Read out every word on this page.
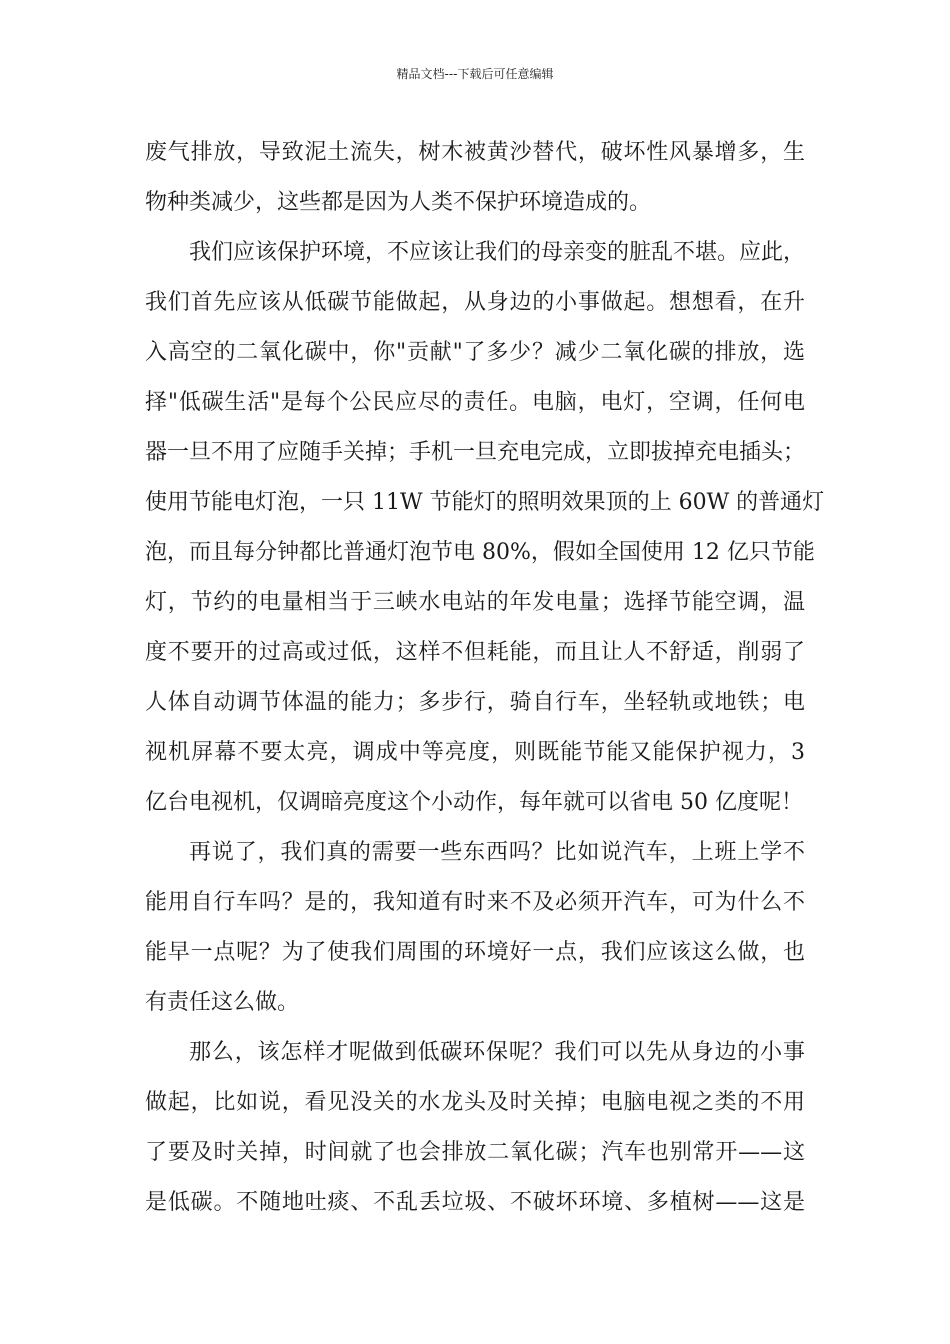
精品文档---下载后可任意编辑
废气排放，导致泥土流失，树木被黄沙替代，破坏性风暴增多，生
物种类减少，这些都是因为人类不保护环境造成的。
我们应该保护环境，不应该让我们的母亲变的脏乱不堪。应此，
我们首先应该从低碳节能做起，从身边的小事做起。想想看，在升
入高空的二氧化碳中，你"贡献"了多少？减少二氧化碳的排放，选
择"低碳生活"是每个公民应尽的责任。电脑，电灯，空调，任何电
器一旦不用了应随手关掉；手机一旦充电完成，立即拔掉充电插头；
使用节能电灯泡，一只 11W 节能灯的照明效果顶的上 60W 的普通灯
泡，而且每分钟都比普通灯泡节电 80%，假如全国使用 12 亿只节能
灯，节约的电量相当于三峡水电站的年发电量；选择节能空调，温
度不要开的过高或过低，这样不但耗能，而且让人不舒适，削弱了
人体自动调节体温的能力；多步行，骑自行车，坐轻轨或地铁；电
视机屏幕不要太亮，调成中等亮度，则既能节能又能保护视力，3
亿台电视机，仅调暗亮度这个小动作，每年就可以省电 50 亿度呢！
再说了，我们真的需要一些东西吗？比如说汽车，上班上学不
能用自行车吗？是的，我知道有时来不及必须开汽车，可为什么不
能早一点呢？为了使我们周围的环境好一点，我们应该这么做，也
有责任这么做。
那么，该怎样才呢做到低碳环保呢？我们可以先从身边的小事
做起，比如说，看见没关的水龙头及时关掉；电脑电视之类的不用
了要及时关掉，时间就了也会排放二氧化碳；汽车也别常开——这
是低碳。不随地吐痰、不乱丢垃圾、不破坏环境、多植树——这是
